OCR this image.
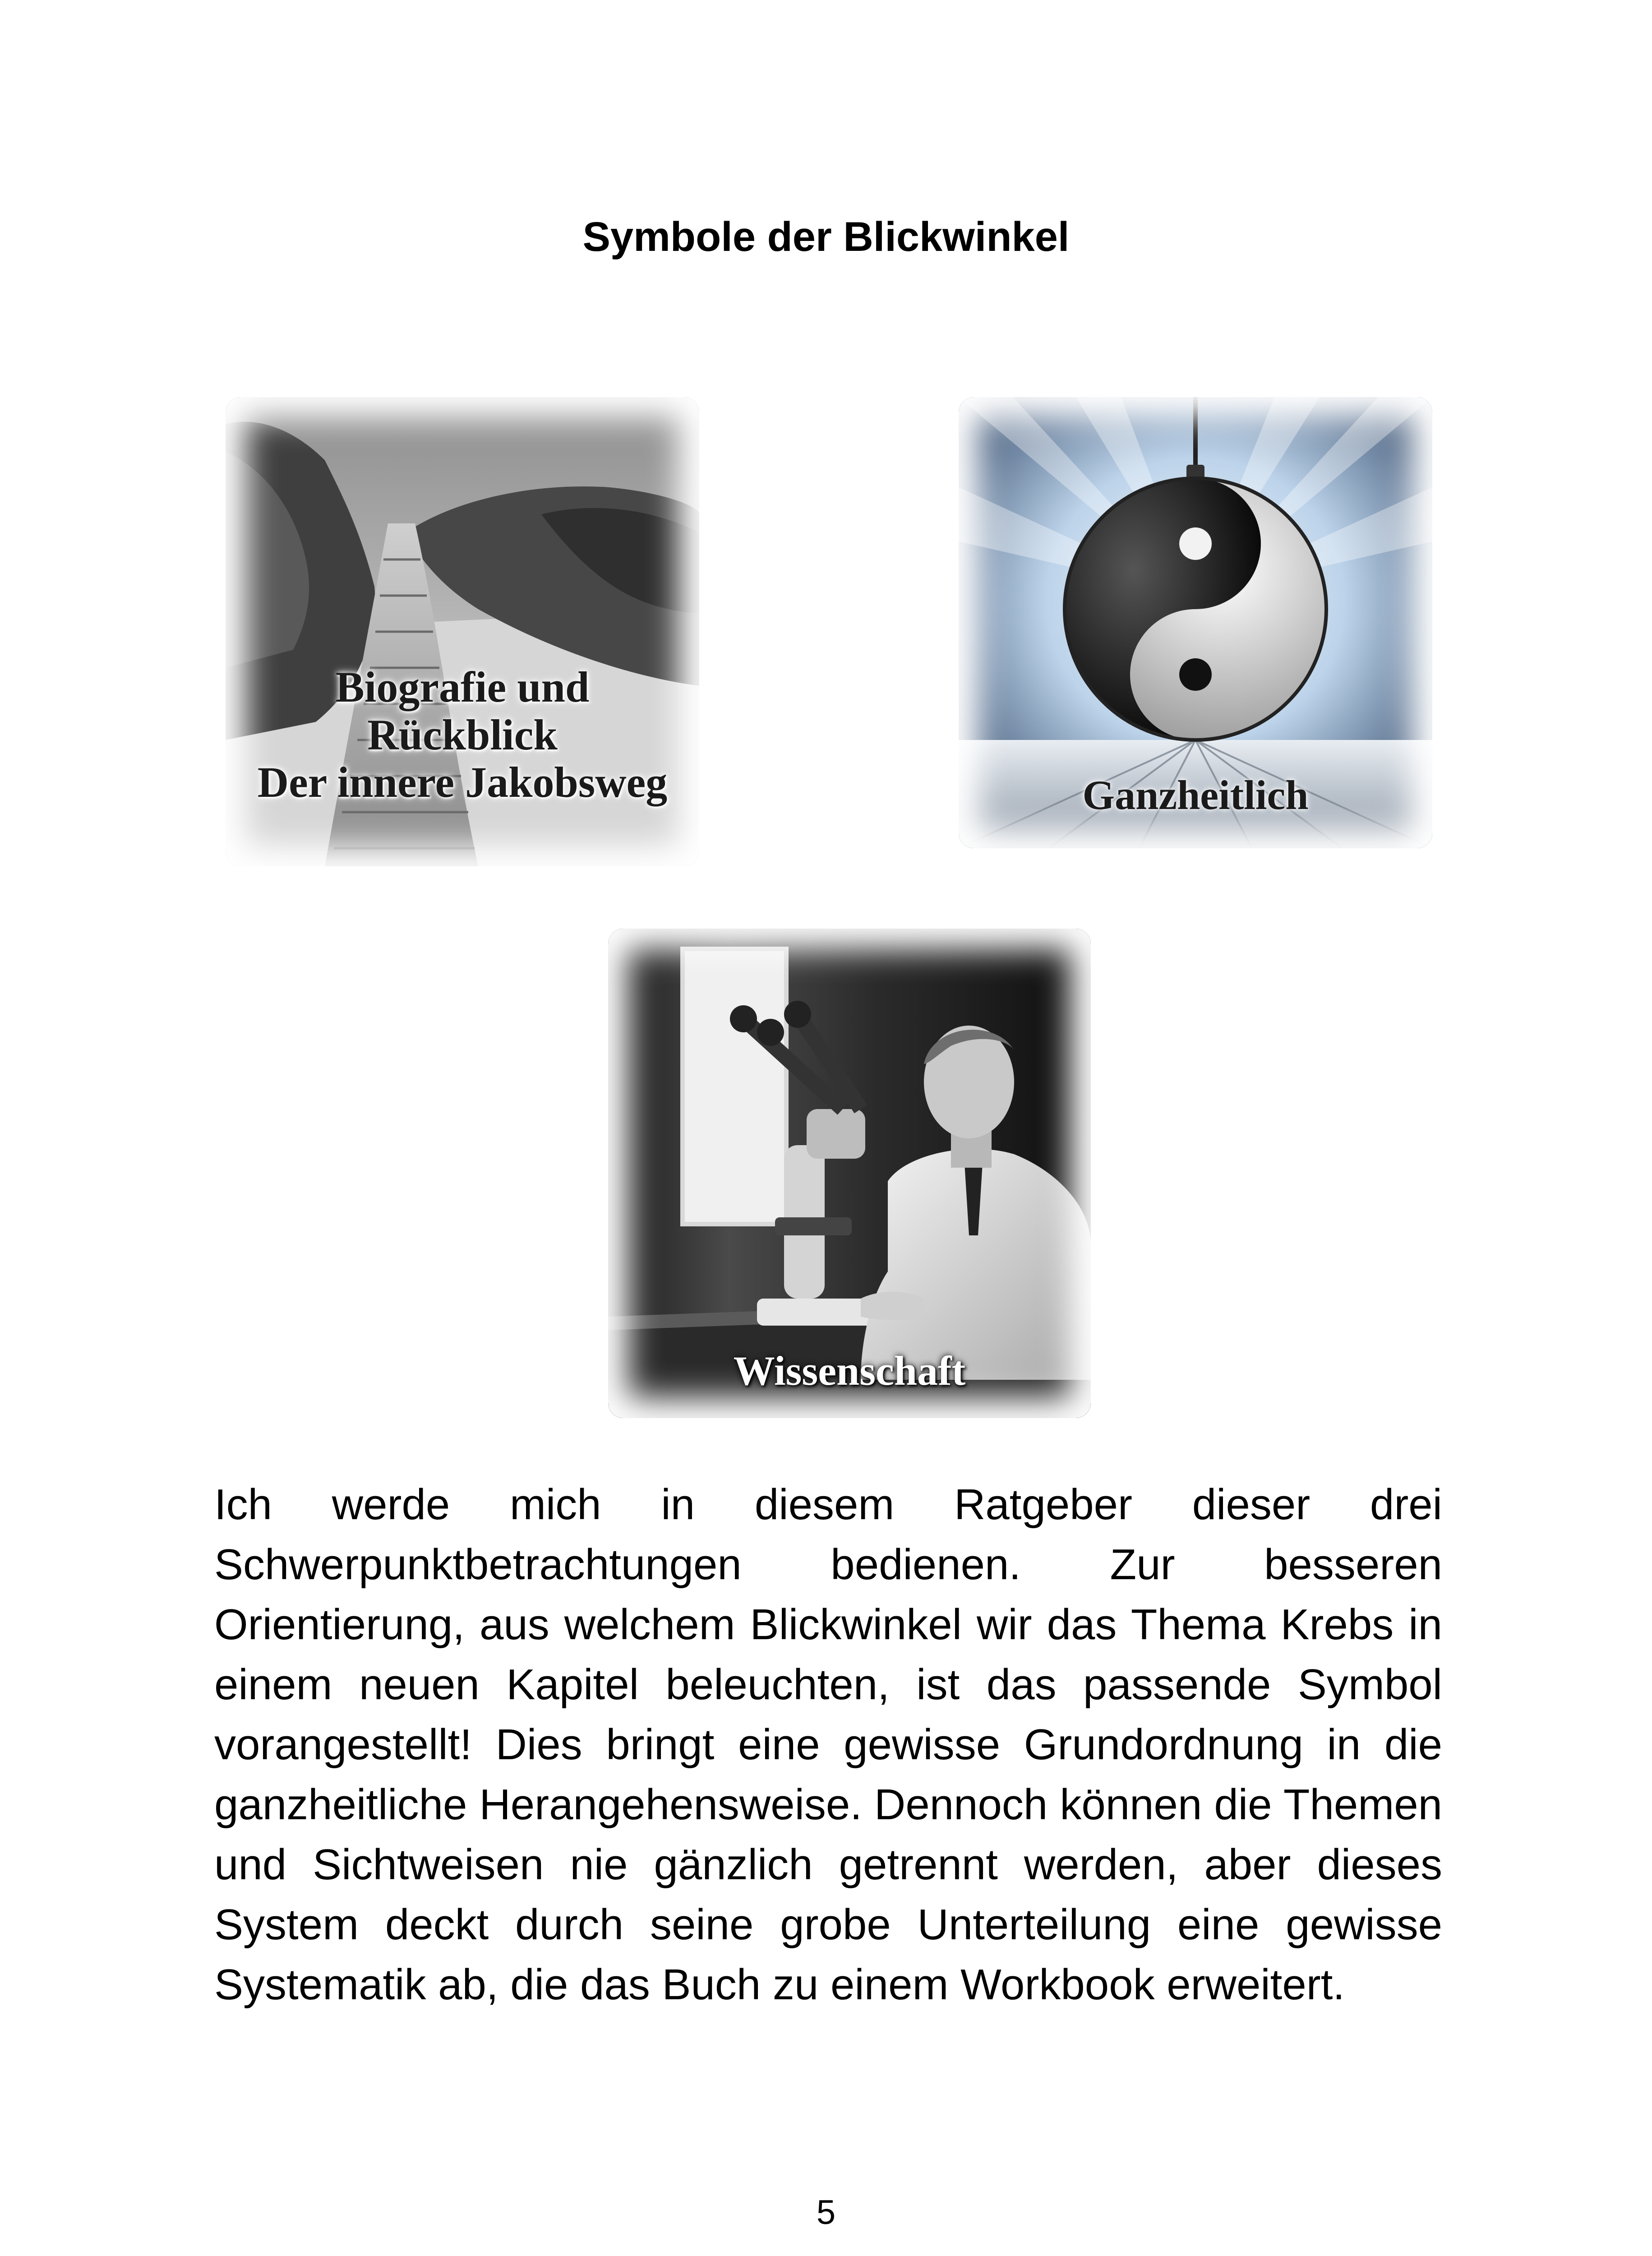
Symbole der Blickwinkel
Biografie und
Rückblick
Der innere Jakobsweg	Ganzheitlich
Wissenschaft

Ich werde mich in diesem Ratgeber dieser drei Schwerpunktbetrachtungen bedienen. Zur besseren Orientierung, aus welchem Blickwinkel wir das Thema Krebs in einem neuen Kapitel beleuchten, ist das passende Symbol vorangestellt! Dies bringt eine gewisse Grundordnung in die ganzheitliche Herangehensweise. Dennoch können die Themen und Sichtweisen nie gänzlich getrennt werden, aber dieses System deckt durch seine grobe Unterteilung eine gewisse Systematik ab, die das Buch zu einem Workbook erweitert.

5
